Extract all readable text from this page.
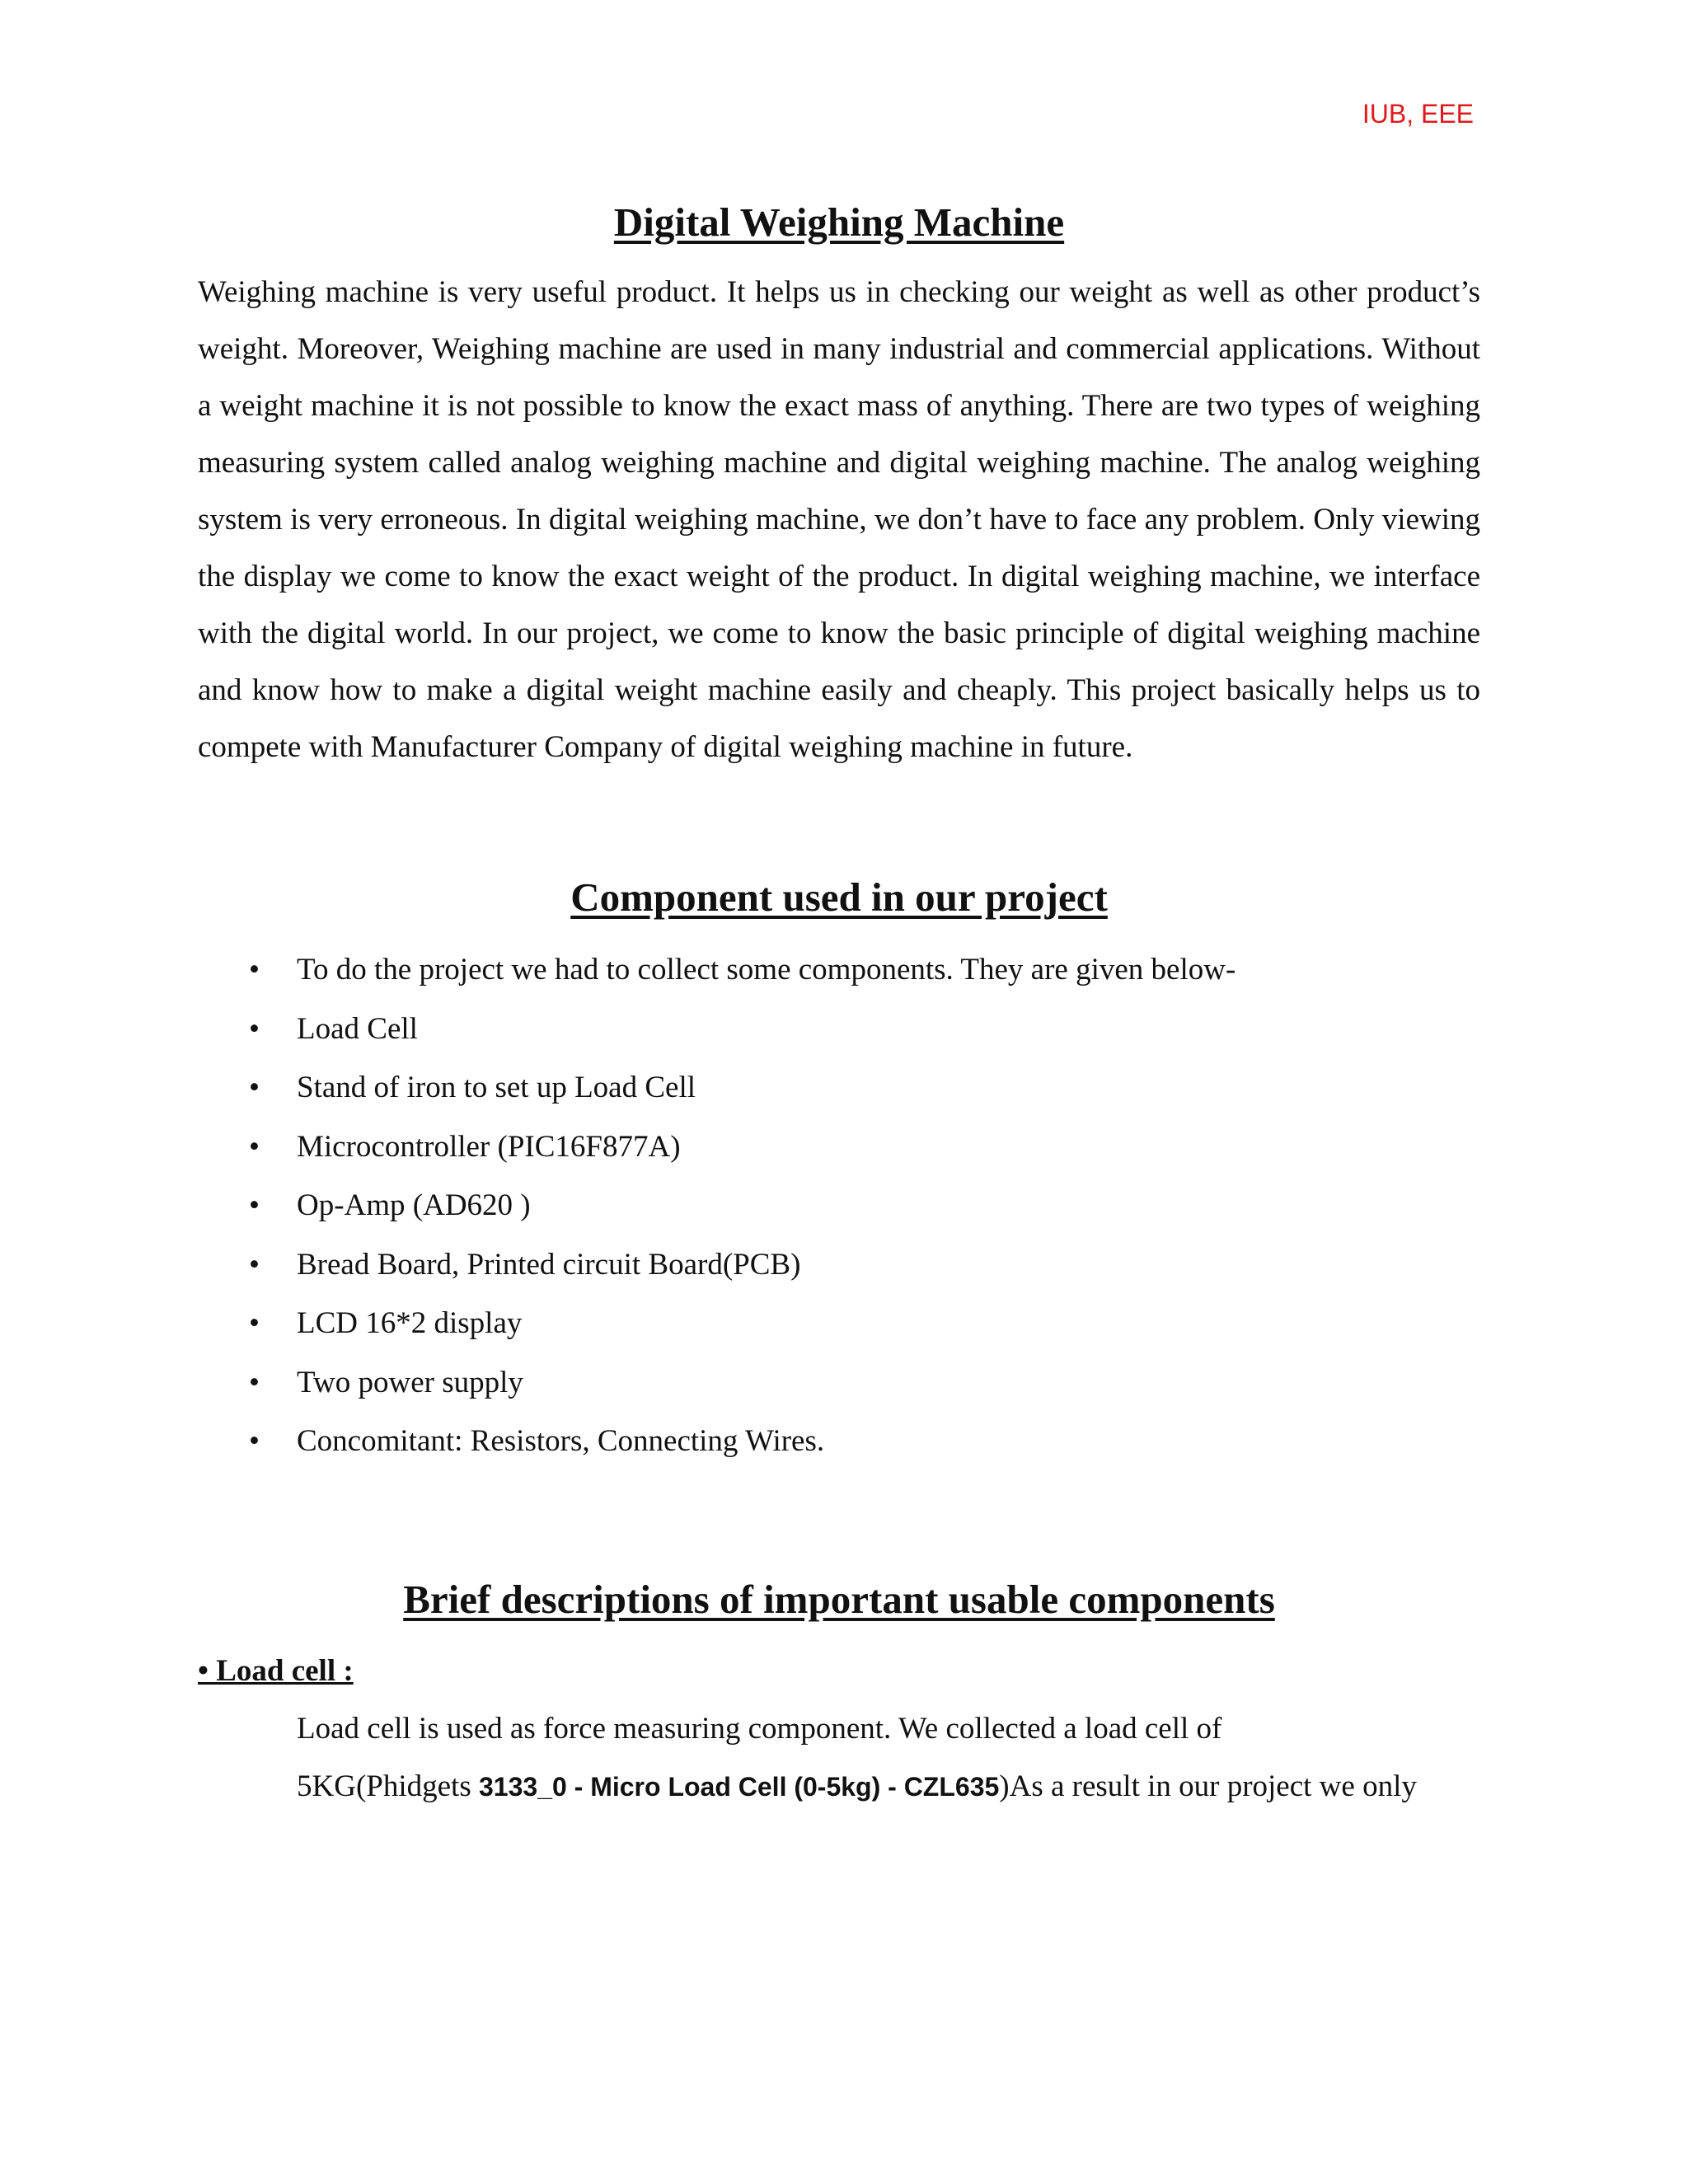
IUB, EEE
Digital Weighing Machine

Weighing machine is very useful product. It helps us in checking our weight as well as other product’s weight. Moreover, Weighing machine are used in many industrial and commercial applications. Without a weight machine it is not possible to know the exact mass of anything. There are two types of weighing measuring system called analog weighing machine and digital weighing machine. The analog weighing system is very erroneous. In digital weighing machine, we don’t have to face any problem. Only viewing the display we come to know the exact weight of the product. In digital weighing machine, we interface with the digital world. In our project, we come to know the basic principle of digital weighing machine and know how to make a digital weight machine easily and cheaply. This project basically helps us to compete with Manufacturer Company of digital weighing machine in future.

Component used in our project
• To do the project we had to collect some components. They are given below-
• Load Cell
• Stand of iron to set up Load Cell
• Microcontroller (PIC16F877A)
• Op-Amp (AD620 )
• Bread Board, Printed circuit Board(PCB)
• LCD 16*2 display
• Two power supply
• Concomitant: Resistors, Connecting Wires.
Brief descriptions of important usable components
• Load cell :
Load cell is used as force measuring component. We collected a load cell of
5KG(Phidgets 3133_0 - Micro Load Cell (0-5kg) - CZL635)As a result in our project we only
